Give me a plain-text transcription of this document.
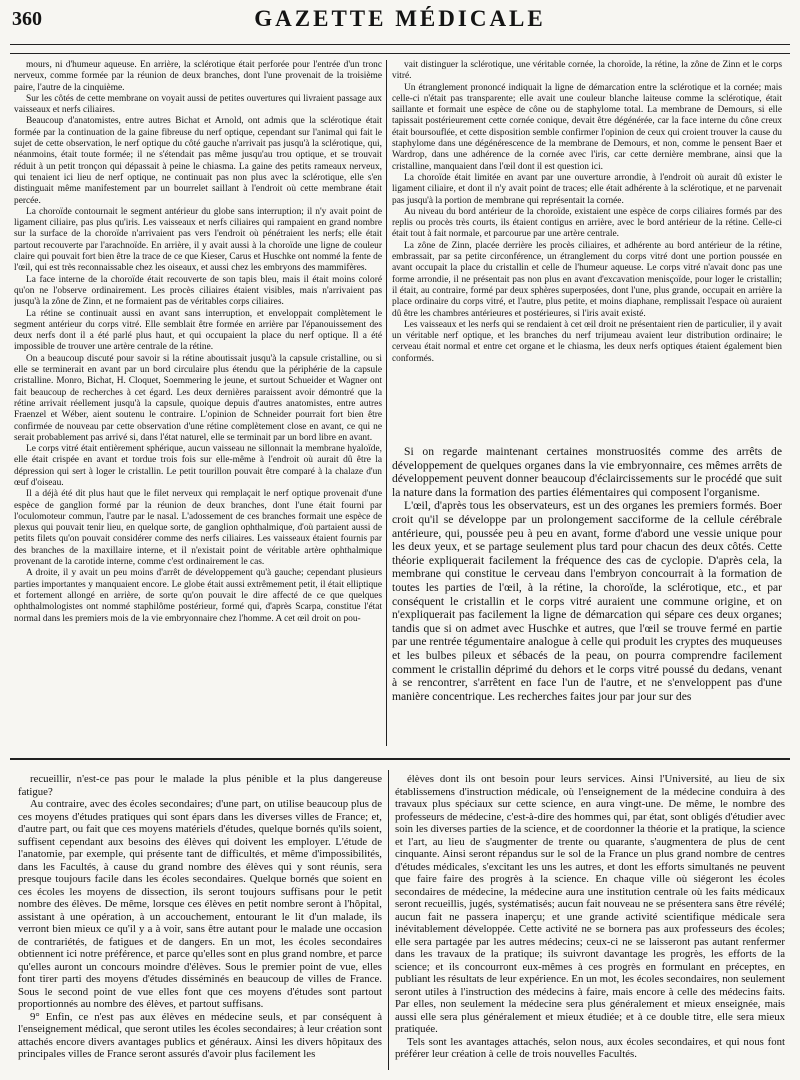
360	GAZETTE MÉDICALE

mours, ni d'humeur aqueuse. En arrière, la sclérotique était perforée pour l'entrée d'un tronc nerveux, comme formée par la réunion de deux branches, dont l'une provenait de la troisième paire, l'autre de la cinquième.

Sur les côtés de cette membrane on voyait aussi de petites ouvertures qui livraient passage aux vaisseaux et nerfs ciliaires.

Beaucoup d'anatomistes, entre autres Bichat et Arnold, ont admis que la sclérotique était formée par la continuation de la gaine fibreuse du nerf optique, cependant sur l'animal qui fait le sujet de cette observation, le nerf optique du côté gauche n'arrivait pas jusqu'à la sclérotique, qui, néanmoins, était toute formée; il ne s'étendait pas même jusqu'au trou optique, et se trouvait réduit à un petit tronçon qui dépassait à peine le chiasma. La gaine des petits rameaux nerveux, qui tenaient ici lieu de nerf optique, ne continuait pas non plus avec la sclérotique, elle s'en distinguait même manifestement par un bourrelet saillant à l'endroit où cette membrane était percée.

La choroïde contournait le segment antérieur du globe sans interruption; il n'y avait point de ligament ciliaire, pas plus qu'iris. Les vaisseaux et nerfs ciliaires qui rampaient en grand nombre sur la surface de la choroïde n'arrivaient pas vers l'endroit où pénétraient les nerfs; elle était partout recouverte par l'arachnoïde. En arrière, il y avait aussi à la choroïde une ligne de couleur claire qui pouvait fort bien être la trace de ce que Kieser, Carus et Huschke ont nommé la fente de l'œil, qui est très reconnaissable chez les oiseaux, et aussi chez les embryons des mammifères.

La face interne de la choroïde était recouverte de son tapis bleu, mais il était moins coloré qu'on ne l'observe ordinairement. Les procès ciliaires étaient visibles, mais n'arrivaient pas jusqu'à la zône de Zinn, et ne formaient pas de véritables corps ciliaires.

La rétine se continuait aussi en avant sans interruption, et enveloppait complètement le segment antérieur du corps vitré. Elle semblait être formée en arrière par l'épanouissement des deux nerfs dont il a été parlé plus haut, et qui occupaient la place du nerf optique. Il a été impossible de trouver une artère centrale de la rétine.

On a beaucoup discuté pour savoir si la rétine aboutissait jusqu'à la capsule cristalline, ou si elle se terminerait en avant par un bord circulaire plus étendu que la périphérie de la capsule cristalline. Monro, Bichat, H. Cloquet, Soemmering le jeune, et surtout Schueider et Wagner ont fait beaucoup de recherches à cet égard. Les deux dernières paraissent avoir démontré que la rétine arrivait réellement jusqu'à la capsule, quoique depuis d'autres anatomistes, entre autres Fraenzel et Wéber, aient soutenu le contraire. L'opinion de Schneider pourrait fort bien être confirmée de nouveau par cette observation d'une rétine complètement close en avant, ce qui ne serait probablement pas arrivé si, dans l'état naturel, elle se terminait par un bord libre en avant.

Le corps vitré était entièrement sphérique, aucun vaisseau ne sillonnait la membrane hyaloïde, elle était crispée en avant et tordue trois fois sur elle-même à l'endroit où aurait dû être la dépression qui sert à loger le cristallin. Le petit tourillon pouvait être comparé à la chalaze d'un œuf d'oiseau.

Il a déjà été dit plus haut que le filet nerveux qui remplaçait le nerf optique provenait d'une espèce de ganglion formé par la réunion de deux branches, dont l'une était fourni par l'oculomoteur commun, l'autre par le nasal. L'adossement de ces branches formait une espèce de plexus qui pouvait tenir lieu, en quelque sorte, de ganglion ophthalmique, d'où partaient aussi de petits filets qu'on pouvait considérer comme des nerfs ciliaires. Les vaisseaux étaient fournis par des branches de la maxillaire interne, et il n'existait point de véritable artère ophthalmique provenant de la carotide interne, comme c'est ordinairement le cas.

A droite, il y avait un peu moins d'arrêt de développement qu'à gauche; cependant plusieurs parties importantes y manquaient encore. Le globe était aussi extrêmement petit, il était elliptique et fortement allongé en arrière, de sorte qu'on pouvait le dire affecté de ce que quelques ophthalmologistes ont nommé staphilôme postérieur, formé qui, d'après Scarpa, constitue l'état normal dans les premiers mois de la vie embryonnaire chez l'homme. A cet œil droit on pou-

vait distinguer la sclérotique, une véritable cornée, la choroïde, la rétine, la zône de Zinn et le corps vitré.

Un étranglement prononcé indiquait la ligne de démarcation entre la sclérotique et la cornée; mais celle-ci n'était pas transparente; elle avait une couleur blanche laiteuse comme la sclérotique, était saillante et formait une espèce de cône ou de staphylome total. La membrane de Demours, si elle tapissait postérieurement cette cornée conique, devait être dégénérée, car la face interne du cône creux était boursouflée, et cette disposition semble confirmer l'opinion de ceux qui croient trouver la cause du staphylome dans une dégénérescence de la membrane de Demours, et non, comme le pensent Baer et Wardrop, dans une adhérence de la cornée avec l'iris, car cette dernière membrane, ainsi que la cristalline, manquaient dans l'œil dont il est question ici.

La choroïde était limitée en avant par une ouverture arrondie, à l'endroit où aurait dû exister le ligament ciliaire, et dont il n'y avait point de traces; elle était adhérente à la sclérotique, et ne parvenait pas jusqu'à la portion de membrane qui représentait la cornée.

Au niveau du bord antérieur de la choroïde, existaient une espèce de corps ciliaires formés par des replis ou procès très courts, ils étaient contigus en arrière, avec le bord antérieur de la rétine. Celle-ci était tout à fait normale, et parcourue par une artère centrale.

La zône de Zinn, placée derrière les procès ciliaires, et adhérente au bord antérieur de la rétine, embrassait, par sa petite circonférence, un étranglement du corps vitré dont une portion poussée en avant occupait la place du cristallin et celle de l'humeur aqueuse. Le corps vitré n'avait donc pas une forme arrondie, il ne présentait pas non plus en avant d'excavation menisçoïde, pour loger le cristallin; il était, au contraire, formé par deux sphères superposées, dont l'une, plus grande, occupait en arrière la place ordinaire du corps vitré, et l'autre, plus petite, et moins diaphane, remplissait l'espace où auraient dû être les chambres antérieures et postérieures, si l'iris avait existé.

Les vaisseaux et les nerfs qui se rendaient à cet œil droit ne présentaient rien de particulier, il y avait un véritable nerf optique, et les branches du nerf trijumeau avaient leur distribution ordinaire; le cerveau était normal et entre cet organe et le chiasma, les deux nerfs optiques étaient également bien conformés.

Si on regarde maintenant certaines monstruosités comme des arrêts de développement de quelques organes dans la vie embryonnaire, ces mêmes arrêts de développement peuvent donner beaucoup d'éclaircissements sur le procédé que suit la nature dans la formation des parties élémentaires qui composent l'organisme.

L'œil, d'après tous les observateurs, est un des organes les premiers formés. Boer croit qu'il se développe par un prolongement sacciforme de la cellule cérébrale antérieure, qui, poussée peu à peu en avant, forme d'abord une vessie unique pour les deux yeux, et se partage seulement plus tard pour chacun des deux côtés. Cette théorie expliquerait facilement la fréquence des cas de cyclopie. D'après cela, la membrane qui constitue le cerveau dans l'embryon concourrait à la formation de toutes les parties de l'œil, à la rétine, la choroïde, la sclérotique, etc., et par conséquent le cristallin et le corps vitré auraient une commune origine, et on n'expliquerait pas facilement la ligne de démarcation qui sépare ces deux organes; tandis que si on admet avec Huschke et autres, que l'œil se trouve fermé en partie par une rentrée tégumentaire analogue à celle qui produit les cryptes des muqueuses et les bulbes pileux et sébacés de la peau, on pourra comprendre facilement comment le cristallin déprimé du dehors et le corps vitré poussé du dedans, venant à se rencontrer, s'arrêtent en face l'un de l'autre, et ne s'enveloppent pas d'une manière concentrique. Les recherches faites jour par jour sur des

recueillir, n'est-ce pas pour le malade la plus pénible et la plus dangereuse fatigue?

Au contraire, avec des écoles secondaires; d'une part, on utilise beaucoup plus de ces moyens d'études pratiques qui sont épars dans les diverses villes de France; et, d'autre part, ou fait que ces moyens matériels d'études, quelque bornés qu'ils soient, suffisent cependant aux besoins des élèves qui doivent les employer. L'étude de l'anatomie, par exemple, qui présente tant de difficultés, et même d'impossibilités, dans les Facultés, à cause du grand nombre des élèves qui y sont réunis, sera presque toujours facile dans les écoles secondaires. Quelque bornés que soient en ces écoles les moyens de dissection, ils seront toujours suffisans pour le petit nombre des élèves. De même, lorsque ces élèves en petit nombre seront à l'hôpital, assistant à une opération, à un accouchement, entourant le lit d'un malade, ils verront bien mieux ce qu'il y a à voir, sans être autant pour le malade une occasion de contrariétés, de fatigues et de dangers. En un mot, les écoles secondaires obtiennent ici notre préférence, et parce qu'elles sont en plus grand nombre, et parce qu'elles auront un concours moindre d'élèves. Sous le premier point de vue, elles font tirer parti des moyens d'études disséminés en beaucoup de villes de France. Sous le second point de vue elles font que ces moyens d'études sont partout proportionnés au nombre des élèves, et partout suffisans.

9° Enfin, ce n'est pas aux élèves en médecine seuls, et par conséquent à l'enseignement médical, que seront utiles les écoles secondaires; à leur création sont attachés encore divers avantages publics et généraux. Ainsi les divers hôpitaux des principales villes de France seront assurés d'avoir plus facilement les

élèves dont ils ont besoin pour leurs services. Ainsi l'Université, au lieu de six établissemens d'instruction médicale, où l'enseignement de la médecine conduira à des travaux plus spéciaux sur cette science, en aura vingt-une. De même, le nombre des professeurs de médecine, c'est-à-dire des hommes qui, par état, sont obligés d'étudier avec soin les diverses parties de la science, et de coordonner la théorie et la pratique, la science et l'art, au lieu de s'augmenter de trente ou quarante, s'augmentera de plus de cent cinquante. Ainsi seront répandus sur le sol de la France un plus grand nombre de centres d'études médicales, s'excitant les uns les autres, et dont les efforts simultanés ne peuvent que faire faire des progrès à la science. En chaque ville où siégeront les écoles secondaires de médecine, la médecine aura une institution centrale où les faits médicaux seront recueillis, jugés, systématisés; aucun fait nouveau ne se présentera sans être révélé; aucun fait ne passera inaperçu; et une grande activité scientifique médicale sera inévitablement développée. Cette activité ne se bornera pas aux professeurs des écoles; elle sera partagée par les autres médecins; ceux-ci ne se laisseront pas autant renfermer dans les travaux de la pratique; ils suivront davantage les progrès, les efforts de la science; et ils concourront eux-mêmes à ces progrès en formulant en préceptes, en publiant les résultats de leur expérience. En un mot, les écoles secondaires, non seulement seront utiles à l'instruction des médecins à faire, mais encore à celle des médecins faits. Par elles, non seulement la médecine sera plus généralement et mieux enseignée, mais aussi elle sera plus généralement et mieux étudiée; et à ce double titre, elle sera mieux pratiquée.

Tels sont les avantages attachés, selon nous, aux écoles secondaires, et qui nous font préférer leur création à celle de trois nouvelles Facultés.
